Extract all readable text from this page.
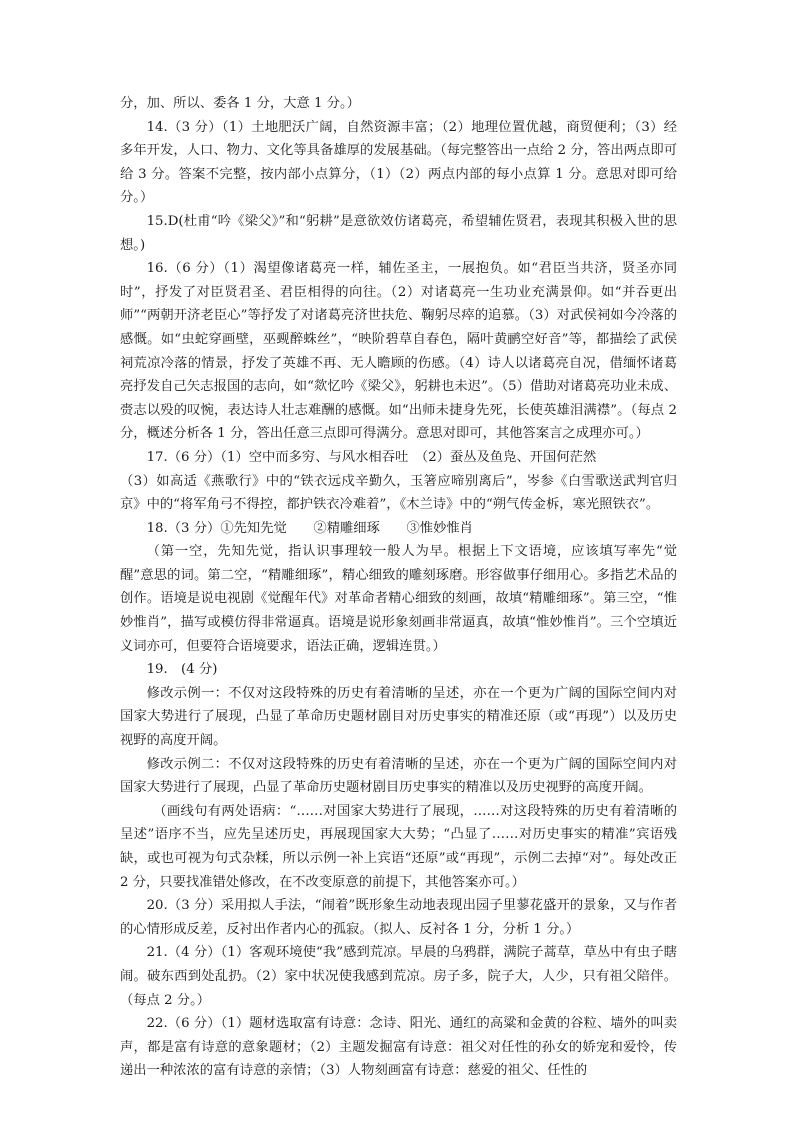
分，加、所以、委各 1 分，大意 1 分。）

14.（3 分）（1）土地肥沃广阔，自然资源丰富；（2）地理位置优越，商贸便利；（3）经多年开发，人口、物力、文化等具备雄厚的发展基础。（每完整答出一点给 2 分，答出两点即可给 3 分。答案不完整，按内部小点算分，（1）（2）两点内部的每小点算 1 分。意思对即可给分。）

15.D(杜甫“吟《梁父》”和“躬耕”是意欲效仿诸葛亮，希望辅佐贤君，表现其积极入世的思想。)

16.（6 分）（1）渴望像诸葛亮一样，辅佐圣主，一展抱负。如“君臣当共济，贤圣亦同时”，抒发了对臣贤君圣、君臣相得的向往。（2）对诸葛亮一生功业充满景仰。如“并吞更出师”“两朝开济老臣心”等抒发了对诸葛亮济世扶危、鞠躬尽瘁的追慕。（3）对武侯祠如今冷落的感慨。如“虫蛇穿画壁，巫觋醉蛛丝”，“映阶碧草自春色，隔叶黄鹂空好音”等，都描绘了武侯祠荒凉冷落的情景，抒发了英雄不再、无人瞻顾的伤感。（4）诗人以诸葛亮自况，借缅怀诸葛亮抒发自己矢志报国的志向，如“欻忆吟《梁父》，躬耕也未迟”。（5）借助对诸葛亮功业未成、赍志以殁的叹惋，表达诗人壮志难酬的感慨。如“出师未捷身先死，长使英雄泪满襟”。（每点 2 分，概述分析各 1 分，答出任意三点即可得满分。意思对即可，其他答案言之成理亦可。）

17.（6 分）（1）空中而多穷、与风水相吞吐　（2）蚕丛及鱼凫、开国何茫然

（3）如高适《燕歌行》中的“铁衣远戍辛勤久，玉箸应啼别离后”，岑参《白雪歌送武判官归京》中的“将军角弓不得控，都护铁衣冷难着”，《木兰诗》中的“朔气传金柝，寒光照铁衣”。

18.（3 分）①先知先觉　　②精雕细琢　　③惟妙惟肖

（第一空，先知先觉，指认识事理较一般人为早。根据上下文语境，应该填写率先“觉醒”意思的词。第二空，“精雕细琢”，精心细致的雕刻琢磨。形容做事仔细用心。多指艺术品的创作。语境是说电视剧《觉醒年代》对革命者精心细致的刻画，故填“精雕细琢”。第三空，“惟妙惟肖”，描写或模仿得非常逼真。语境是说形象刻画非常逼真，故填“惟妙惟肖”。三个空填近义词亦可，但要符合语境要求，语法正确，逻辑连贯。）

19.　(4 分)

修改示例一：不仅对这段特殊的历史有着清晰的呈述，亦在一个更为广阔的国际空间内对国家大势进行了展现，凸显了革命历史题材剧目对历史事实的精准还原（或“再现”）以及历史视野的高度开阔。

修改示例二：不仅对这段特殊的历史有着清晰的呈述，亦在一个更为广阔的国际空间内对国家大势进行了展现，凸显了革命历史题材剧目历史事实的精准以及历史视野的高度开阔。

（画线句有两处语病：“……对国家大势进行了展现，……对这段特殊的历史有着清晰的呈述”语序不当，应先呈述历史，再展现国家大大势；“凸显了……对历史事实的精准”宾语残缺，或也可视为句式杂糅，所以示例一补上宾语“还原”或“再现”，示例二去掉“对”。每处改正 2 分，只要找准错处修改，在不改变原意的前提下，其他答案亦可。）

20.（3 分）采用拟人手法，“闹着”既形象生动地表现出园子里蓼花盛开的景象，又与作者的心情形成反差，反衬出作者内心的孤寂。（拟人、反衬各 1 分，分析 1 分。）

21.（4 分）（1）客观环境使“我”感到荒凉。早晨的乌鸦群，满院子蒿草，草丛中有虫子瞎闹。破东西到处乱扔。（2）家中状况使我感到荒凉。房子多，院子大，人少，只有祖父陪伴。（每点 2 分。）

22.（6 分）（1）题材选取富有诗意：念诗、阳光、通红的高粱和金黄的谷粒、墙外的叫卖声，都是富有诗意的意象题材；（2）主题发掘富有诗意：祖父对任性的孙女的娇宠和爱怜，传递出一种浓浓的富有诗意的亲情；（3）人物刻画富有诗意：慈爱的祖父、任性的
